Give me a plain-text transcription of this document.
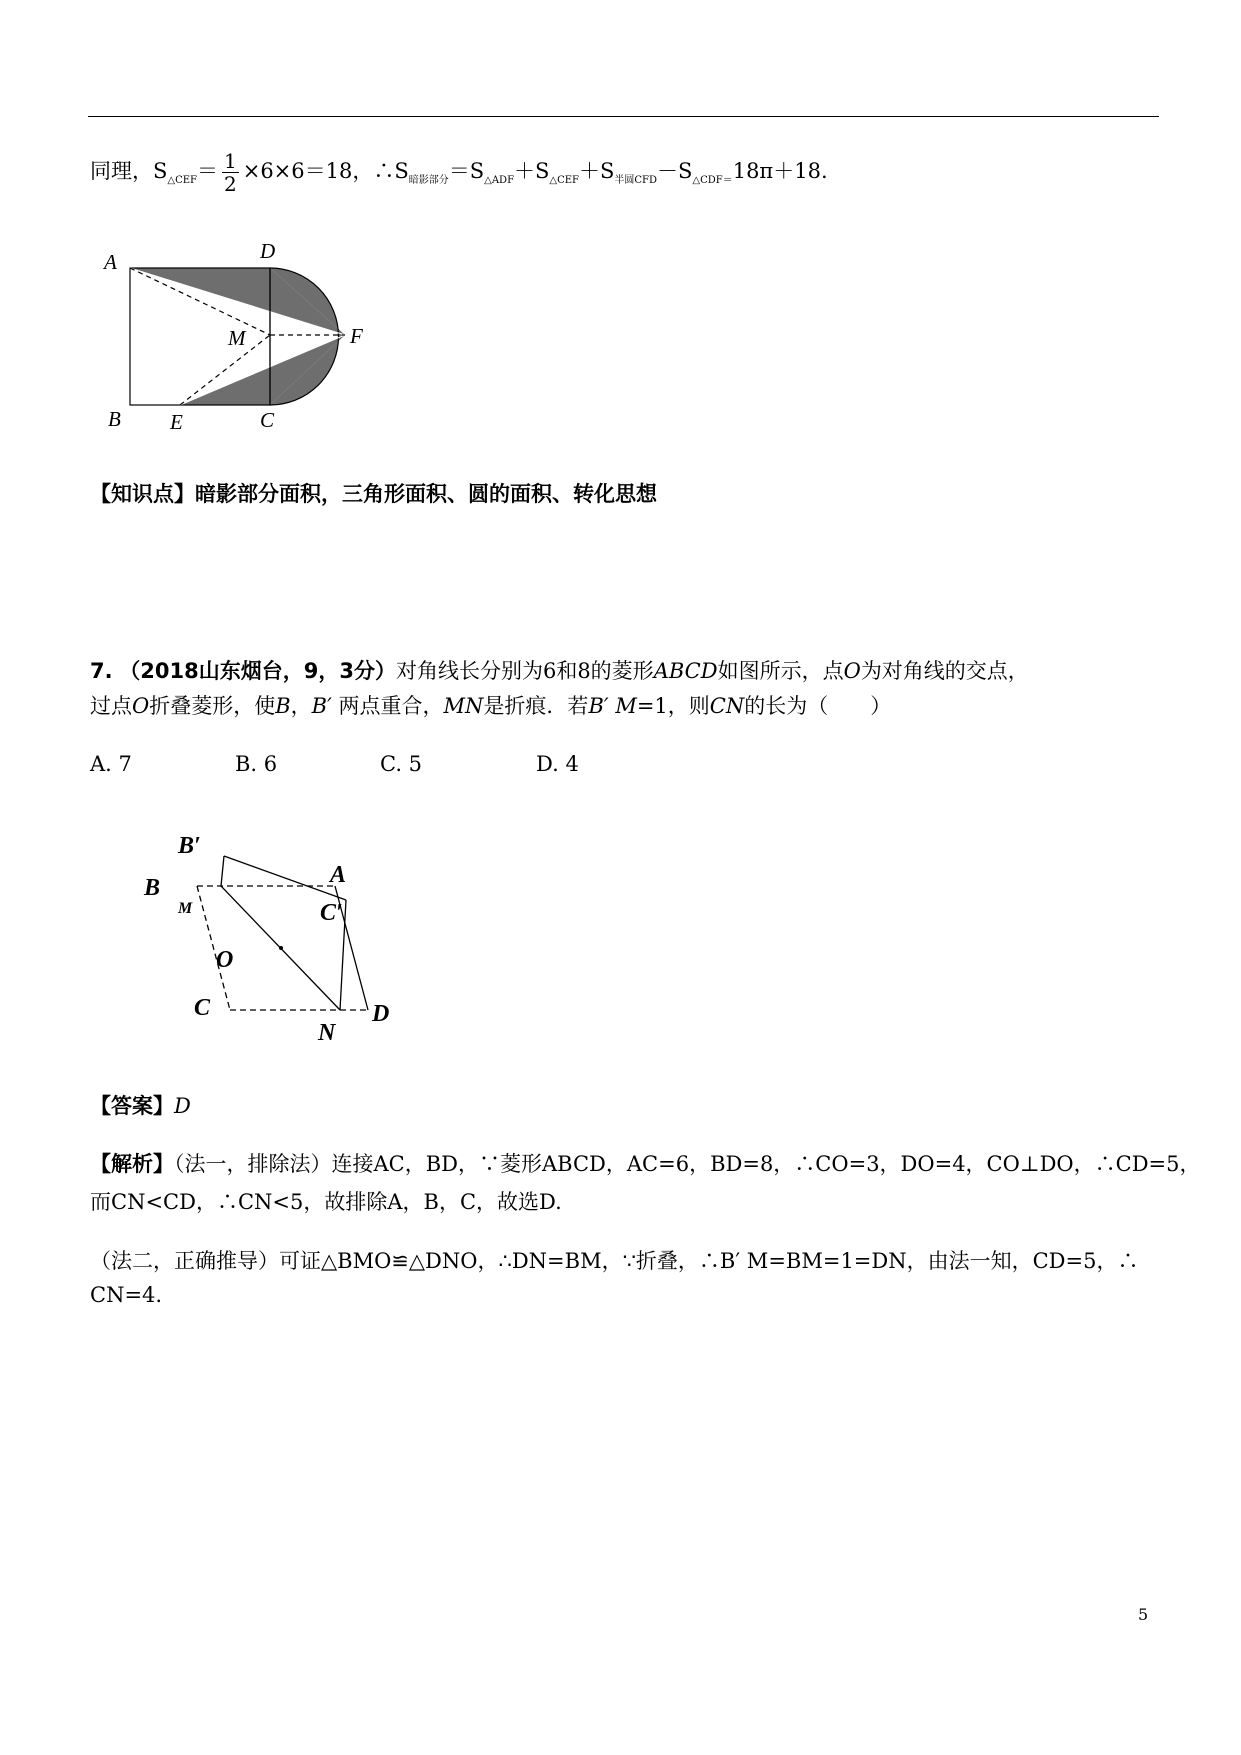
同理，$S_{\triangle CEF}= \frac{1}{2} \times 6\times 6=18$，$\therefore S_{暗影部分}=S_{\triangle ADF}+S_{\triangle CEF}+S_{半圆CFD}-S_{\triangle CDF=}18\pi+18$.
A	D
M	F
B E	C
【知识点】暗影部分面积，三角形面积、圆的面积、转化思想
7. （2018山东烟台，9，3分）对角线长分别为6和8的菱形ABCD如图所示，点O为对角线的交点，
过点O折叠菱形，使B，B′ 两点重合，MN是折痕．若B′ M=1，则CN的长为（　　）
A. 7	B. 6	C. 5	D. 4
B′
B	A
M	C′
O
C
N
D
【答案】D
【解析】（法一，排除法）连接AC，BD，∵菱形ABCD，AC=6，BD=8，∴CO=3，DO=4，CO⊥DO，∴CD=5，
而CN<CD，∴CN<5，故排除A，B，C，故选D.
（法二，正确推导）可证△BMO≌△DNO，∴DN=BM，∵折叠，∴B′ M=BM=1=DN，由法一知，CD=5，∴
CN=4.
5
